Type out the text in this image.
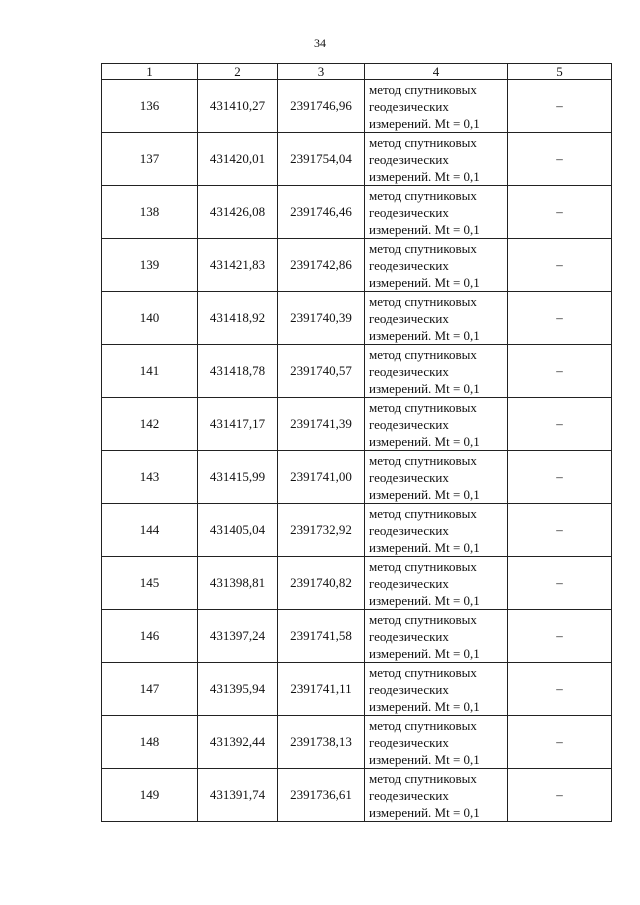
34
1	2	3	4	5
136	431410,27	2391746,96	метод спутниковых
геодезических
измерений. Mt = 0,1	–
137	431420,01	2391754,04	метод спутниковых
геодезических
измерений. Mt = 0,1	–
138	431426,08	2391746,46	метод спутниковых
геодезических
измерений. Mt = 0,1	–
139	431421,83	2391742,86	метод спутниковых
геодезических
измерений. Mt = 0,1	–
140	431418,92	2391740,39	метод спутниковых
геодезических
измерений. Mt = 0,1	–
141	431418,78	2391740,57	метод спутниковых
геодезических
измерений. Mt = 0,1	–
142	431417,17	2391741,39	метод спутниковых
геодезических
измерений. Mt = 0,1	–
143	431415,99	2391741,00	метод спутниковых
геодезических
измерений. Mt = 0,1	–
144	431405,04	2391732,92	метод спутниковых
геодезических
измерений. Mt = 0,1	–
145	431398,81	2391740,82	метод спутниковых
геодезических
измерений. Mt = 0,1	–
146	431397,24	2391741,58	метод спутниковых
геодезических
измерений. Mt = 0,1	–
147	431395,94	2391741,11	метод спутниковых
геодезических
измерений. Mt = 0,1	–
148	431392,44	2391738,13	метод спутниковых
геодезических
измерений. Mt = 0,1	–
149	431391,74	2391736,61	метод спутниковых
геодезических
измерений. Mt = 0,1	–
